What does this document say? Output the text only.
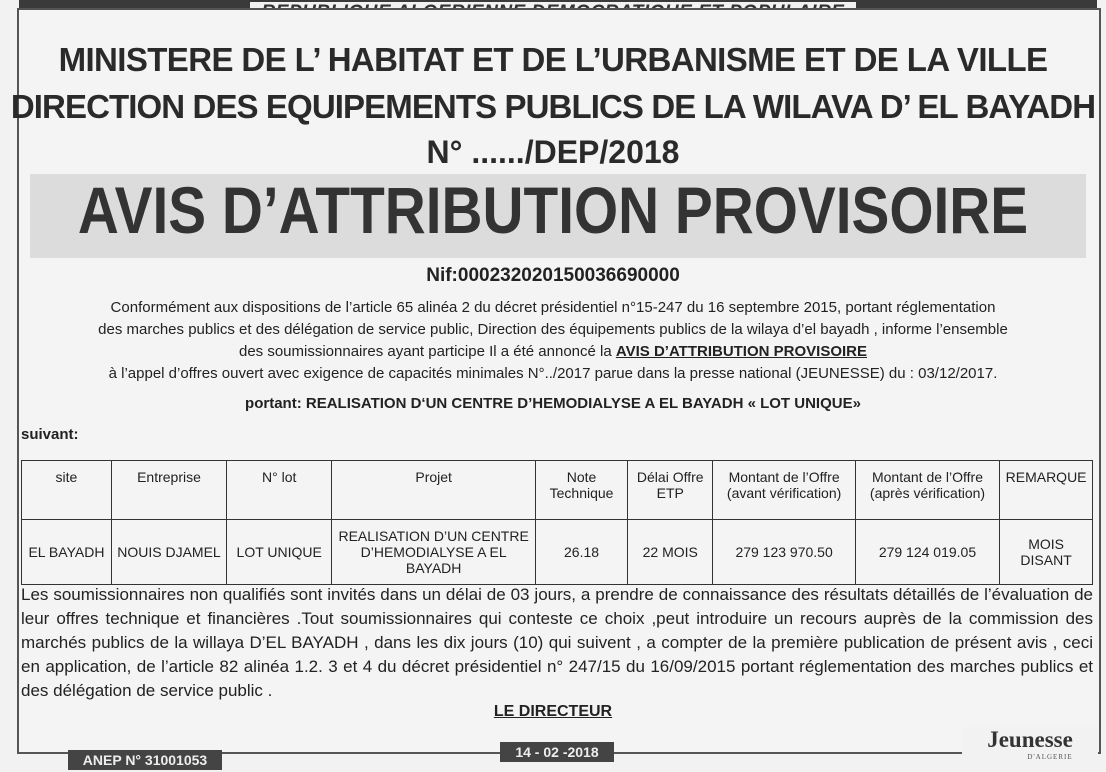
MINISTERE DE L’ HABITAT ET DE L’URBANISME ET DE LA VILLE
DIRECTION DES EQUIPEMENTS PUBLICS DE LA WILAVA D’ EL BAYADH
N° ....../DEP/2018
AVIS D’ATTRIBUTION PROVISOIRE
Nif:000232020150036690000
Conformément aux dispositions de l’article 65 alinéa 2 du décret présidentiel n°15-247 du 16 septembre 2015, portant réglementation
des marches publics et des délégation de service public, Direction des équipements publics de la wilaya d’el bayadh , informe l’ensemble
des soumissionnaires ayant participe Il a été annoncé la AVIS D’ATTRIBUTION PROVISOIRE
à l’appel d’offres ouvert avec exigence de capacités minimales N°../2017 parue dans la presse national (JEUNESSE) du : 03/12/2017.
portant: REALISATION D‘UN CENTRE D’HEMODIALYSE A EL BAYADH « LOT UNIQUE»
suivant:
site	Entreprise	N° lot	Projet	Note Technique	Délai Offre ETP	Montant de l’Offre (avant vérification)	Montant de l’Offre (après vérification)	REMARQUE
EL BAYADH	NOUIS DJAMEL	LOT UNIQUE	REALISATION D’UN CENTRE D’HEMODIALYSE A EL BAYADH	26.18	22 MOIS	279 123 970.50	279 124 019.05	MOIS DISANT
Les soumissionnaires non qualifiés sont invités dans un délai de 03 jours, a prendre de connaissance des résultats détaillés de l’évaluation de leur offres technique et financières .Tout soumissionnaires qui conteste ce choix ,peut introduire un recours auprès de la commission des marchés publics de la willaya D’EL BAYADH , dans les dix jours (10) qui suivent , a compter de la première publication de présent avis , ceci en application, de l’article 82 alinéa 1.2. 3 et 4 du décret présidentiel n° 247/15 du 16/09/2015 portant réglementation des marches publics et des délégation de service public .
LE DIRECTEUR
ANEP N° 31001053	14 - 02 -2018	Jeunesse
D'ALGERIE
